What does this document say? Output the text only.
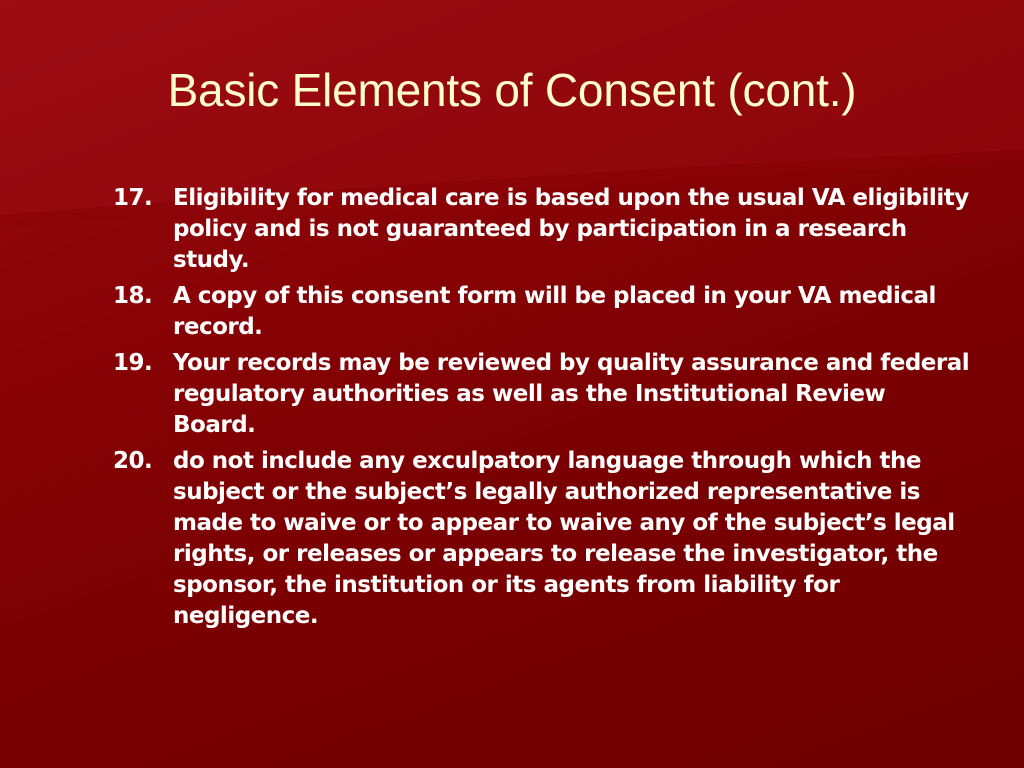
Basic Elements of Consent (cont.)
17. Eligibility for medical care is based upon the usual VA eligibility policy and is not guaranteed by participation in a research study.
18. A copy of this consent form will be placed in your VA medical record.
19. Your records may be reviewed by quality assurance and federal regulatory authorities as well as the Institutional Review Board.
20. do not include any exculpatory language through which the subject or the subject’s legally authorized representative is made to waive or to appear to waive any of the subject’s legal rights, or releases or appears to release the investigator, the sponsor, the institution or its agents from liability for negligence.
